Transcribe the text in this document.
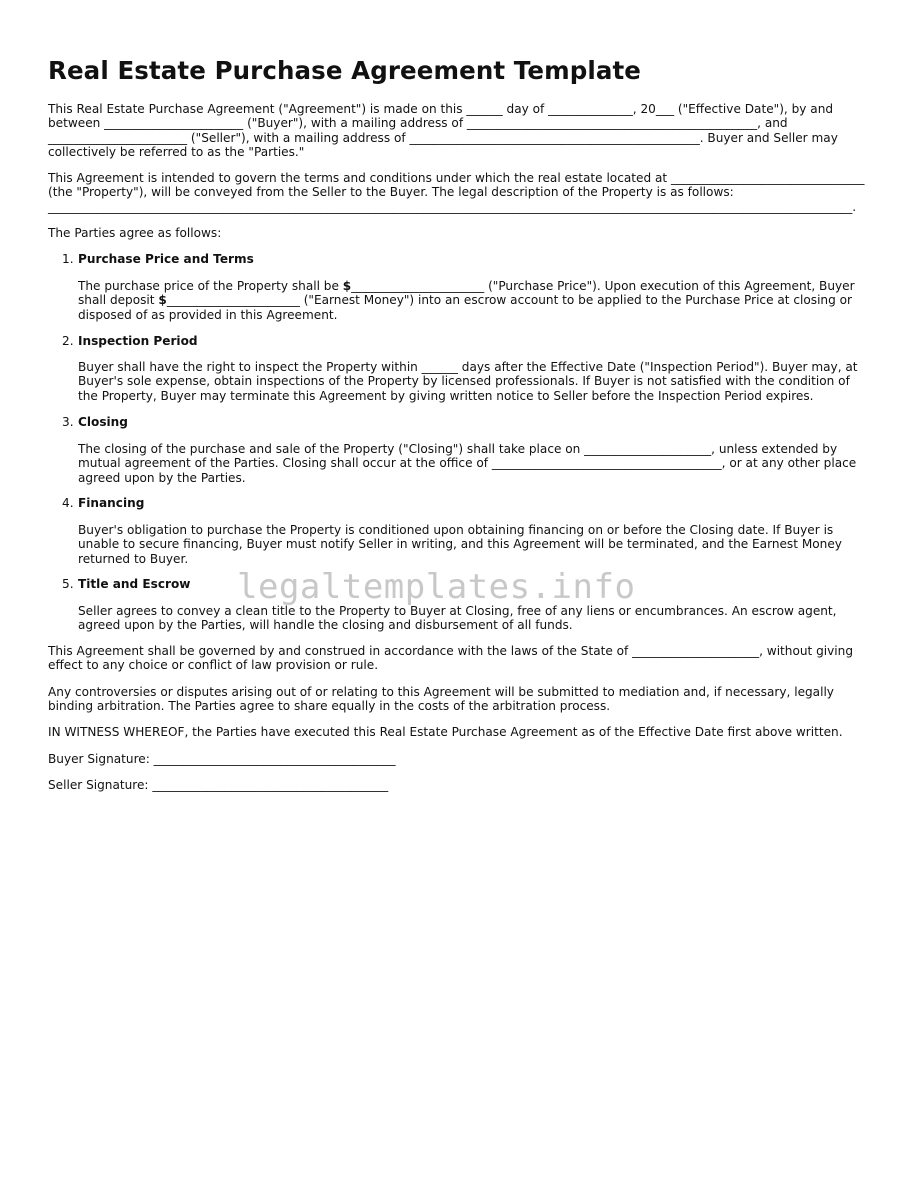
Real Estate Purchase Agreement Template

This Real Estate Purchase Agreement ("Agreement") is made on this ______ day of ______________, 20___ ("Effective Date"), by and between _______________________ ("Buyer"), with a mailing address of ________________________________________________, and _______________________ ("Seller"), with a mailing address of ________________________________________________. Buyer and Seller may collectively be referred to as the "Parties."

This Agreement is intended to govern the terms and conditions under which the real estate located at ________________________________ (the "Property"), will be conveyed from the Seller to the Buyer. The legal description of the Property is as follows: _____________________________________________________________________________________________________________________________________.

The Parties agree as follows:

1. Purchase Price and Terms

The purchase price of the Property shall be $______________________ ("Purchase Price"). Upon execution of this Agreement, Buyer shall deposit $______________________ ("Earnest Money") into an escrow account to be applied to the Purchase Price at closing or disposed of as provided in this Agreement.

2. Inspection Period

Buyer shall have the right to inspect the Property within ______ days after the Effective Date ("Inspection Period"). Buyer may, at Buyer's sole expense, obtain inspections of the Property by licensed professionals. If Buyer is not satisfied with the condition of the Property, Buyer may terminate this Agreement by giving written notice to Seller before the Inspection Period expires.

3. Closing

The closing of the purchase and sale of the Property ("Closing") shall take place on _____________________, unless extended by mutual agreement of the Parties. Closing shall occur at the office of ______________________________________, or at any other place agreed upon by the Parties.

4. Financing

Buyer's obligation to purchase the Property is conditioned upon obtaining financing on or before the Closing date. If Buyer is unable to secure financing, Buyer must notify Seller in writing, and this Agreement will be terminated, and the Earnest Money returned to Buyer.

5. Title and Escrow

Seller agrees to convey a clean title to the Property to Buyer at Closing, free of any liens or encumbrances. An escrow agent, agreed upon by the Parties, will handle the closing and disbursement of all funds.

This Agreement shall be governed by and construed in accordance with the laws of the State of _____________________, without giving effect to any choice or conflict of law provision or rule.

Any controversies or disputes arising out of or relating to this Agreement will be submitted to mediation and, if necessary, legally binding arbitration. The Parties agree to share equally in the costs of the arbitration process.

IN WITNESS WHEREOF, the Parties have executed this Real Estate Purchase Agreement as of the Effective Date first above written.

Buyer Signature: ________________________________________

Seller Signature: _______________________________________

legaltemplates.info
